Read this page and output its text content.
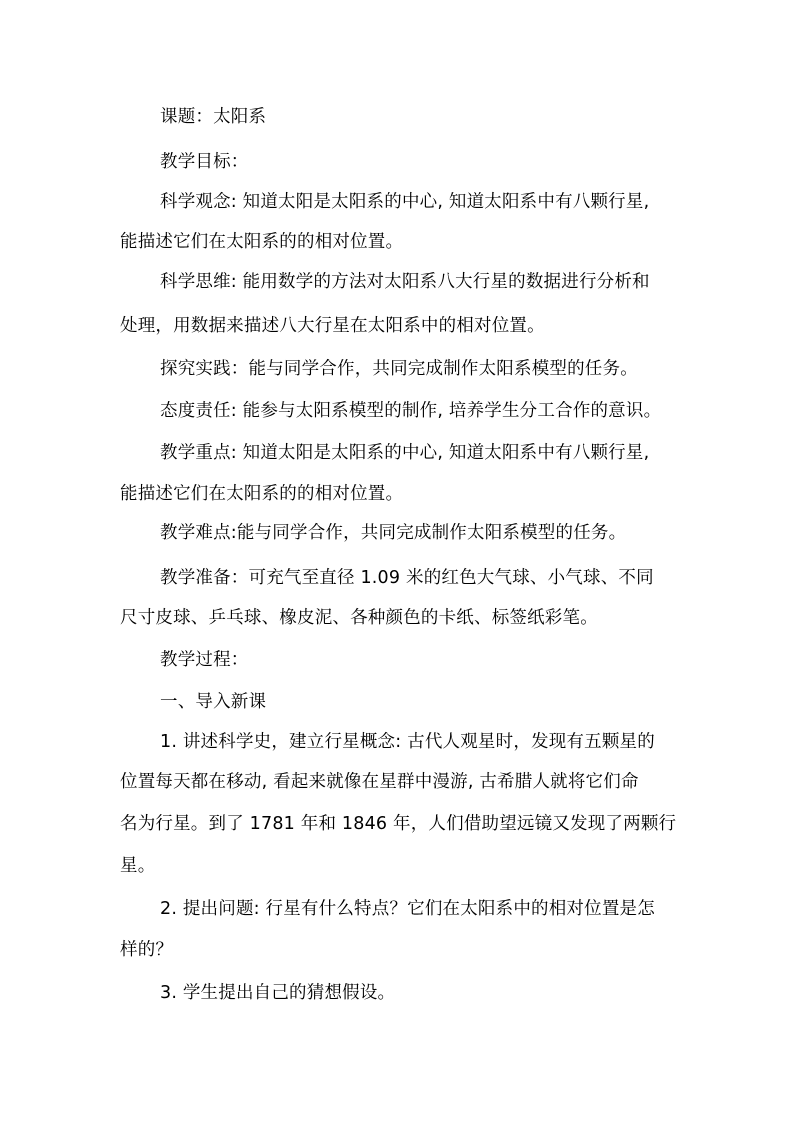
课题：太阳系
教学目标：
科学观念: 知道太阳是太阳系的中心, 知道太阳系中有八颗行星,
能描述它们在太阳系的的相对位置。
科学思维: 能用数学的方法对太阳系八大行星的数据进行分析和
处理，用数据来描述八大行星在太阳系中的相对位置。
探究实践：能与同学合作，共同完成制作太阳系模型的任务。
态度责任: 能参与太阳系模型的制作, 培养学生分工合作的意识。
教学重点: 知道太阳是太阳系的中心, 知道太阳系中有八颗行星,
能描述它们在太阳系的的相对位置。
教学难点:能与同学合作，共同完成制作太阳系模型的任务。
教学准备：可充气至直径 1.09 米的红色大气球、小气球、不同
尺寸皮球、乒乓球、橡皮泥、各种颜色的卡纸、标签纸彩笔。
教学过程：
一、导入新课
1. 讲述科学史，建立行星概念: 古代人观星时，发现有五颗星的
位置每天都在移动, 看起来就像在星群中漫游, 古希腊人就将它们命
名为行星。到了 1781 年和 1846 年，人们借助望远镜又发现了两颗行
星。
2. 提出问题: 行星有什么特点？它们在太阳系中的相对位置是怎
样的？
3. 学生提出自己的猜想假设。
